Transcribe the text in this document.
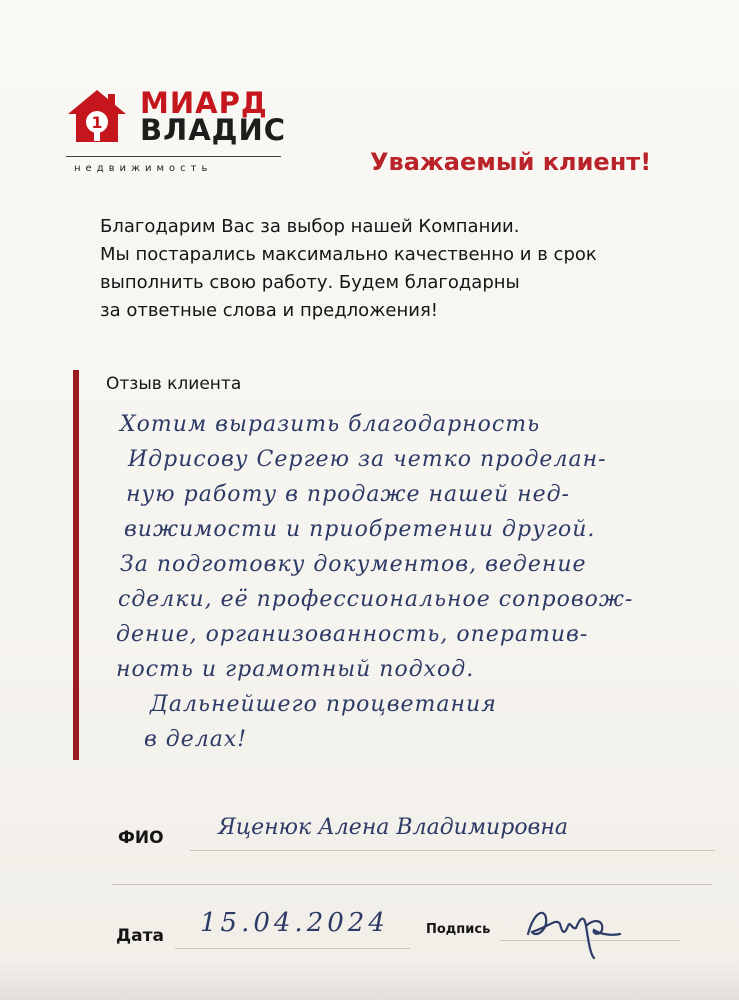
1
МИАРД
ВЛАДИС
недвижимость	Уважаемый клиент!
Благодарим Вас за выбор нашей Компании.
Мы постарались максимально качественно и в срок
выполнить свою работу. Будем благодарны
за ответные слова и предложения!
Отзыв клиента
Хотим выразить благодарность
Идрисову Сергею за четко проделан-
ную работу в продаже нашей нед-
вижимости и приобретении другой.
За подготовку документов, ведение
сделки, её профессиональное сопровож-
дение, организованность, оператив-
ность и грамотный подход.
Дальнейшего процветания
в делах!
ФИО Яценюк Алена Владимировна
Дата 15.04.2024	Подпись
